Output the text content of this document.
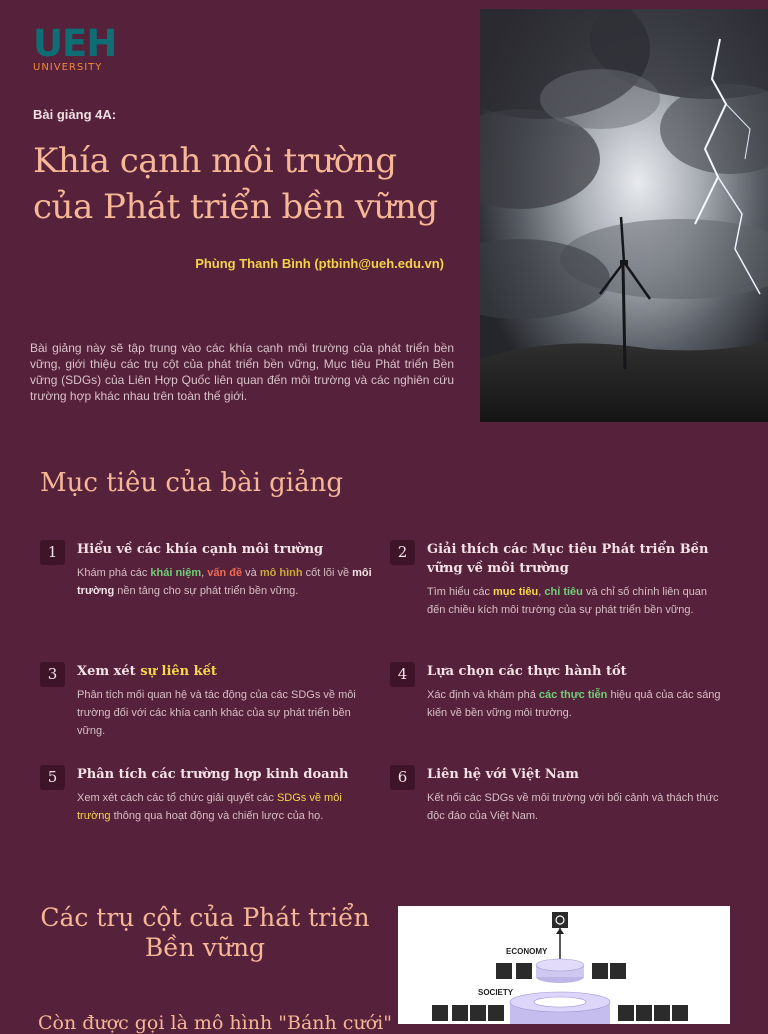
UEH
UNIVERSITY
Bài giảng 4A:
Khía cạnh môi trường
của Phát triển bền vững
Phùng Thanh Bình (ptbinh@ueh.edu.vn)

Bài giảng này sẽ tập trung vào các khía cạnh môi trường của phát triển bền vững, giới thiệu các trụ cột của phát triển bền vững, Mục tiêu Phát triển Bền vững (SDGs) của Liên Hợp Quốc liên quan đến môi trường và các nghiên cứu trường hợp khác nhau trên toàn thế giới.

Mục tiêu của bài giảng
1	Hiểu về các khía cạnh môi trường
Khám phá các khái niệm, vấn đề và mô hình cốt lõi về môi trường nền tảng cho sự phát triển bền vững.
2	Giải thích các Mục tiêu Phát triển Bền vững về môi trường
Tìm hiểu các mục tiêu, chỉ tiêu và chỉ số chính liên quan đến chiều kích môi trường của sự phát triển bền vững.
3	Xem xét sự liên kết
Phân tích mối quan hệ và tác động của các SDGs về môi trường đối với các khía cạnh khác của sự phát triển bền vững.
4	Lựa chọn các thực hành tốt
Xác định và khám phá các thực tiễn hiệu quả của các sáng kiến về bền vững môi trường.
5	Phân tích các trường hợp kinh doanh
Xem xét cách các tổ chức giải quyết các SDGs về môi trường thông qua hoạt động và chiến lược của họ.
6	Liên hệ với Việt Nam
Kết nối các SDGs về môi trường với bối cảnh và thách thức độc đáo của Việt Nam.
Các trụ cột của Phát triển Bền vững
Còn được gọi là mô hình "Bánh cưới"
ECONOMY
SOCIETY
